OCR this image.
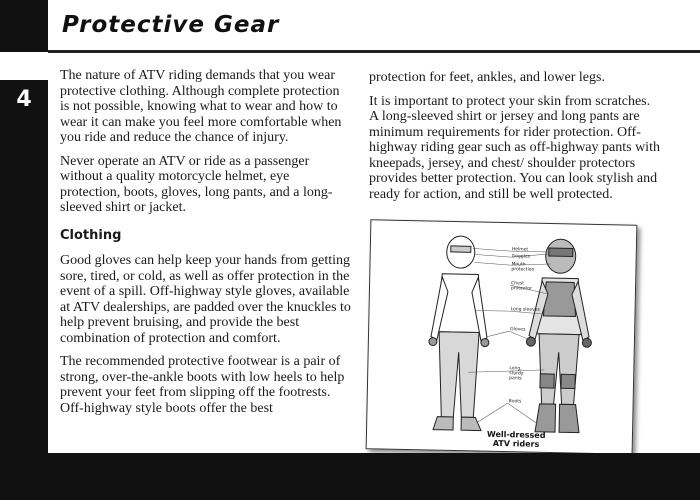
4
Protective Gear

The nature of ATV riding demands that you wear protective clothing. Although complete protection is not possible, knowing what to wear and how to wear it can make you feel more comfortable when you ride and reduce the chance of injury.

Never operate an ATV or ride as a passenger without a quality motorcycle helmet, eye protection, boots, gloves, long pants, and a long-sleeved shirt or jacket.

Clothing

Good gloves can help keep your hands from getting sore, tired, or cold, as well as offer protection in the event of a spill. Off-highway style gloves, available at ATV dealerships, are padded over the knuckles to help prevent bruising, and provide the best combination of protection and comfort.

The recommended protective footwear is a pair of strong, over-the-ankle boots with low heels to help prevent your feet from slipping off the footrests. Off-highway style boots offer the best

protection for feet, ankles, and lower legs.

It is important to protect your skin from scratches. A long-sleeved shirt or jersey and long pants are minimum requirements for rider protection. Off-highway riding gear such as off-highway pants with kneepads, jersey, and chest/ shoulder protectors provides better protection. You can look stylish and ready for action, and still be well protected.

Helmet
Goggles
Mouth protection
Chest protector
Long sleeves
Gloves
Long, sturdy pants
Boots
Well-dressed
ATV riders
